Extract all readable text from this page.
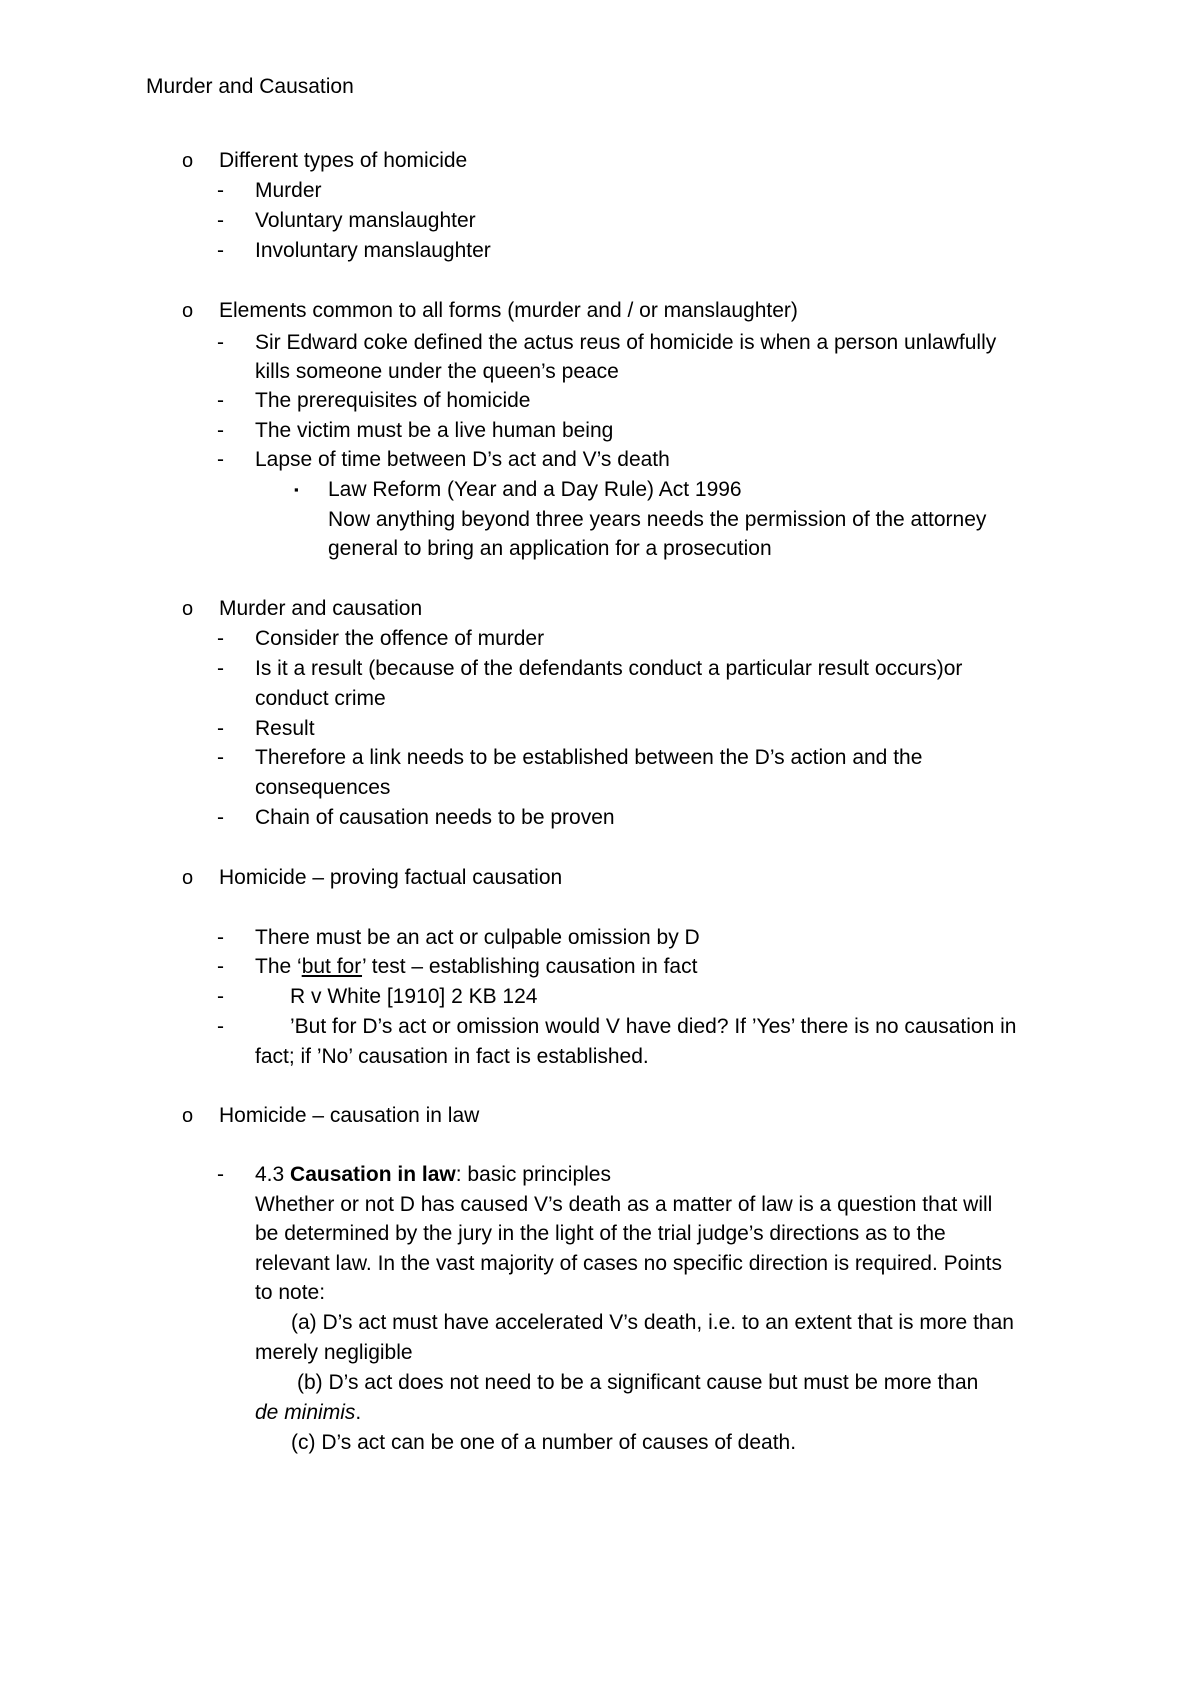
Murder and Causation
o Different types of homicide
- Murder
- Voluntary manslaughter
- Involuntary manslaughter
o Elements common to all forms (murder and / or manslaughter)
- Sir Edward coke defined the actus reus of homicide is when a person unlawfully
kills someone under the queen’s peace
- The prerequisites of homicide
- The victim must be a live human being
- Lapse of time between D’s act and V’s death
▪ Law Reform (Year and a Day Rule) Act 1996
Now anything beyond three years needs the permission of the attorney
general to bring an application for a prosecution
o Murder and causation
- Consider the offence of murder
- Is it a result (because of the defendants conduct a particular result occurs)or
conduct crime
- Result
- Therefore a link needs to be established between the D’s action and the
consequences
- Chain of causation needs to be proven
o Homicide – proving factual causation
- There must be an act or culpable omission by D
- The ‘but for’ test – establishing causation in fact
-	R v White [1910] 2 KB 124
-	’But for D’s act or omission would V have died? If ’Yes’ there is no causation in
fact; if ’No’ causation in fact is established.
o Homicide – causation in law
- 4.3 Causation in law: basic principles
Whether or not D has caused V’s death as a matter of law is a question that will
be determined by the jury in the light of the trial judge’s directions as to the
relevant law. In the vast majority of cases no specific direction is required. Points
to note:
(a) D’s act must have accelerated V’s death, i.e. to an extent that is more than
merely negligible
(b) D’s act does not need to be a significant cause but must be more than
de minimis.
(c) D’s act can be one of a number of causes of death.
